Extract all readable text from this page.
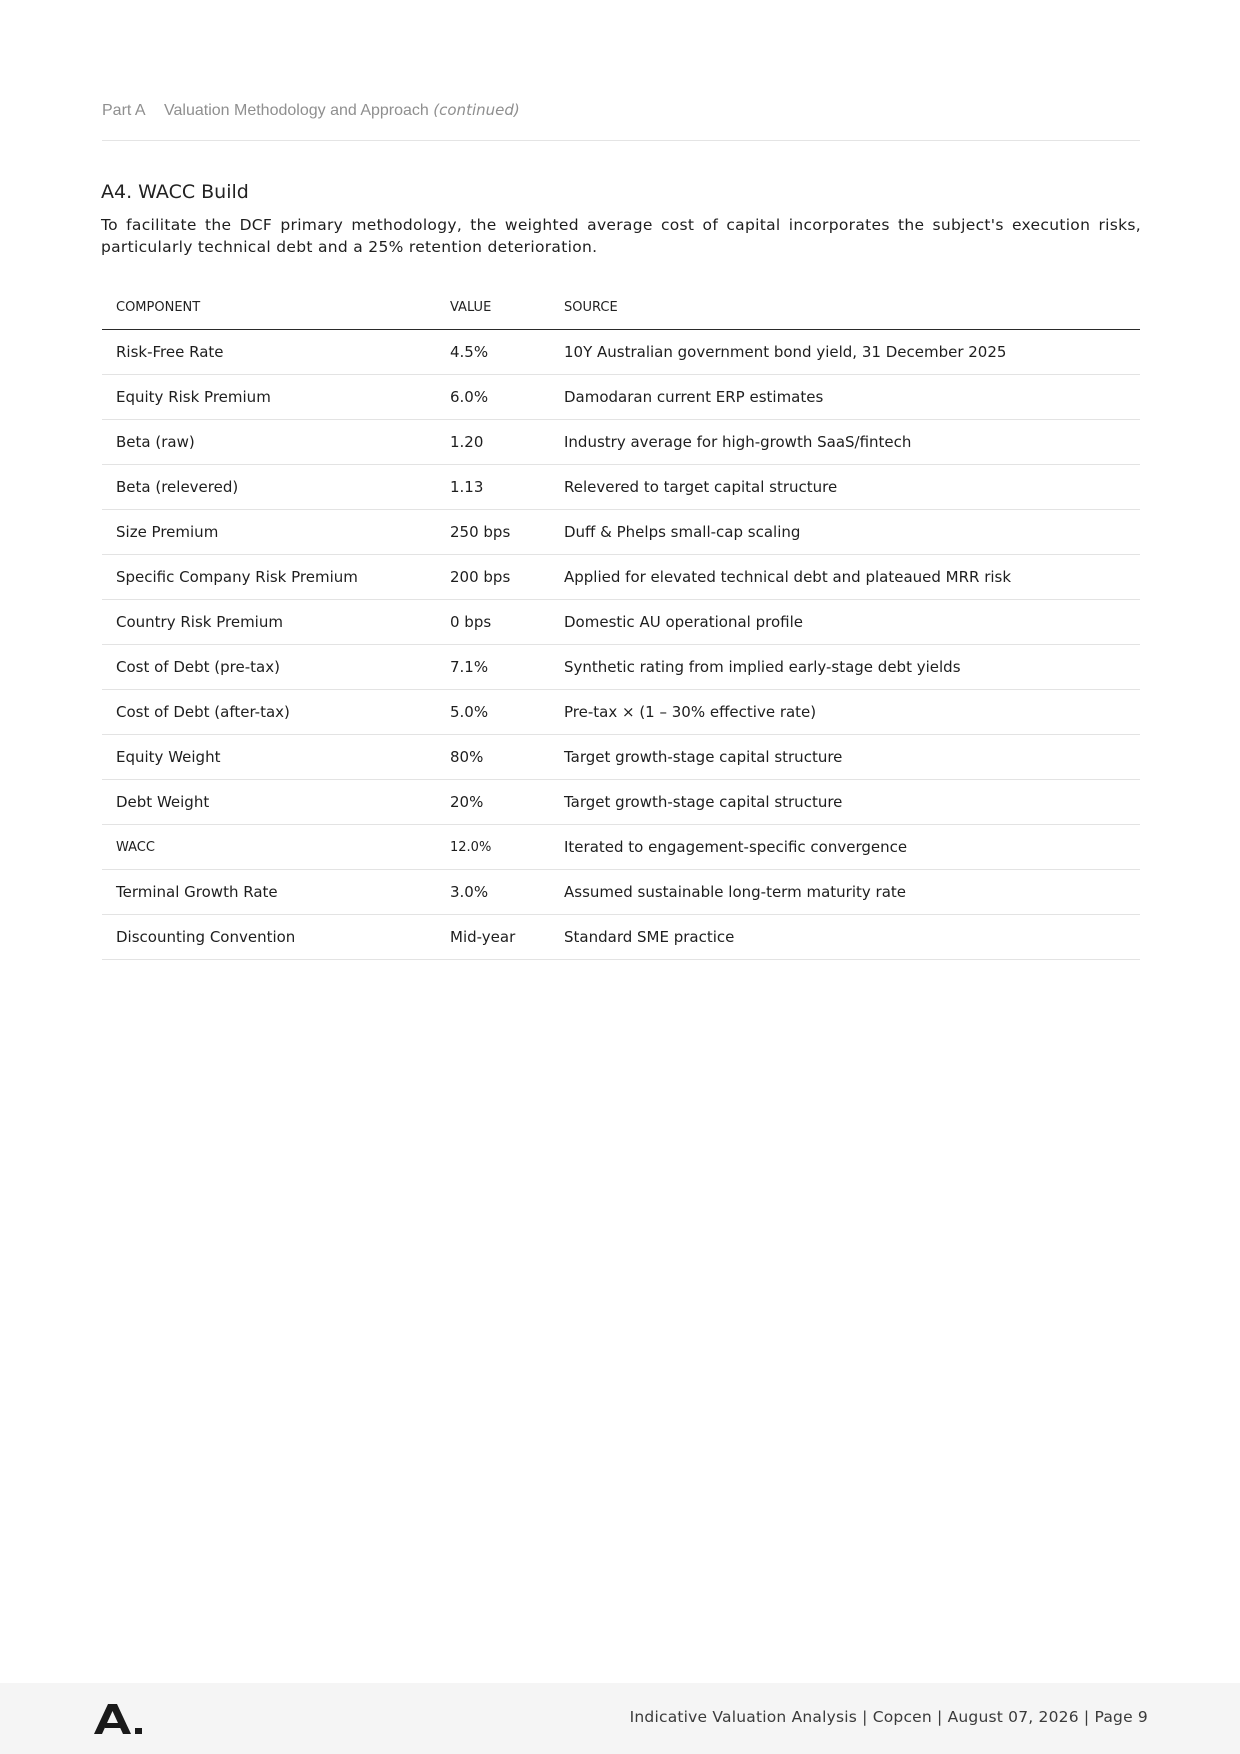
Part A Valuation Methodology and Approach (continued)
A4. WACC Build

To facilitate the DCF primary methodology, the weighted average cost of capital incorporates the subject's execution risks, particularly technical debt and a 25% retention deterioration.

COMPONENT	VALUE	SOURCE
Risk-Free Rate	4.5%	10Y Australian government bond yield, 31 December 2025
Equity Risk Premium	6.0%	Damodaran current ERP estimates
Beta (raw)	1.20	Industry average for high-growth SaaS/fintech
Beta (relevered)	1.13	Relevered to target capital structure
Size Premium	250 bps	Duff & Phelps small-cap scaling
Specific Company Risk Premium	200 bps	Applied for elevated technical debt and plateaued MRR risk
Country Risk Premium	0 bps	Domestic AU operational profile
Cost of Debt (pre-tax)	7.1%	Synthetic rating from implied early-stage debt yields
Cost of Debt (after-tax)	5.0%	Pre-tax × (1 – 30% effective rate)
Equity Weight	80%	Target growth-stage capital structure
Debt Weight	20%	Target growth-stage capital structure
WACC	12.0%	Iterated to engagement-specific convergence
Terminal Growth Rate	3.0%	Assumed sustainable long-term maturity rate
Discounting Convention	Mid-year	Standard SME practice
Indicative Valuation Analysis | Copcen | August 07, 2026 | Page 9
